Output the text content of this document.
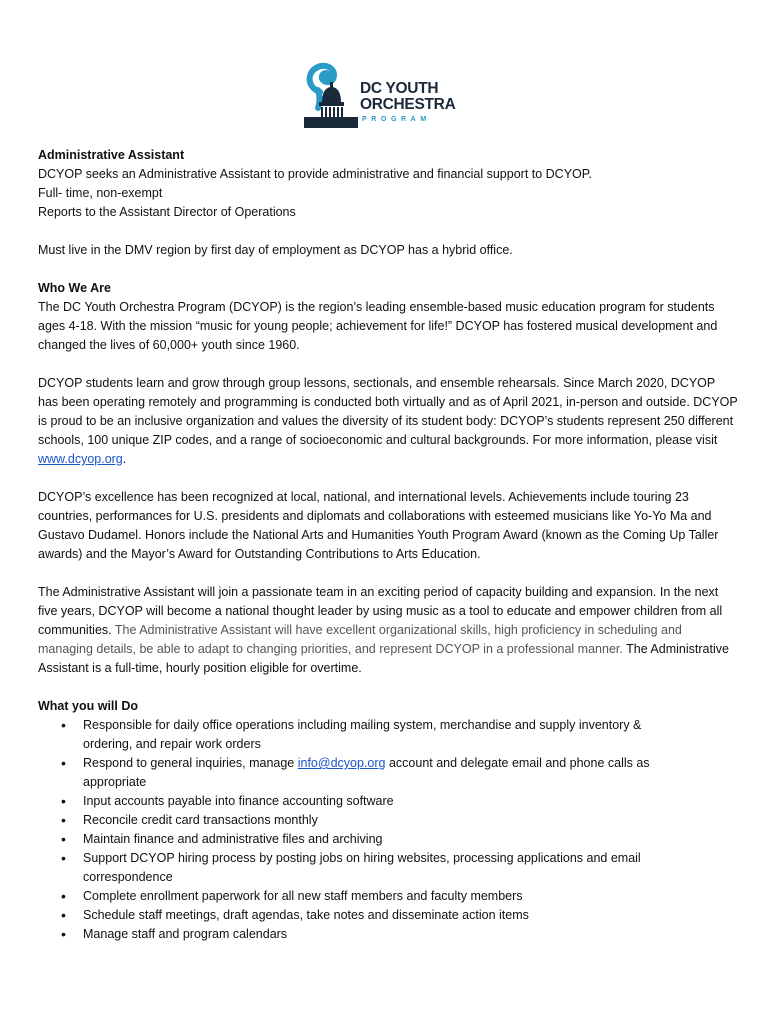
DC YOUTH
ORCHESTRA
PROGRAM

Administrative Assistant

DCYOP seeks an Administrative Assistant to provide administrative and financial support to DCYOP.

Full- time, non-exempt

Reports to the Assistant Director of Operations

Must live in the DMV region by first day of employment as DCYOP has a hybrid office.

Who We Are

The DC Youth Orchestra Program (DCYOP) is the region’s leading ensemble-based music education program for students ages 4-18. With the mission “music for young people; achievement for life!” DCYOP has fostered musical development and changed the lives of 60,000+ youth since 1960.

DCYOP students learn and grow through group lessons, sectionals, and ensemble rehearsals. Since March 2020, DCYOP has been operating remotely and programming is conducted both virtually and as of April 2021, in-person and outside. DCYOP is proud to be an inclusive organization and values the diversity of its student body: DCYOP’s students represent 250 different schools, 100 unique ZIP codes, and a range of socioeconomic and cultural backgrounds. For more information, please visit www.dcyop.org.

DCYOP’s excellence has been recognized at local, national, and international levels. Achievements include touring 23 countries, performances for U.S. presidents and diplomats and collaborations with esteemed musicians like Yo-Yo Ma and Gustavo Dudamel. Honors include the National Arts and Humanities Youth Program Award (known as the Coming Up Taller awards) and the Mayor’s Award for Outstanding Contributions to Arts Education.

The Administrative Assistant will join a passionate team in an exciting period of capacity building and expansion. In the next five years, DCYOP will become a national thought leader by using music as a tool to educate and empower children from all communities. The Administrative Assistant will have excellent organizational skills, high proficiency in scheduling and managing details, be able to adapt to changing priorities, and represent DCYOP in a professional manner. The Administrative Assistant is a full-time, hourly position eligible for overtime.

What you will Do

• Responsible for daily office operations including mailing system, merchandise and supply inventory & ordering, and repair work orders
• Respond to general inquiries, manage info@dcyop.org account and delegate email and phone calls as appropriate
• Input accounts payable into finance accounting software
• Reconcile credit card transactions monthly
• Maintain finance and administrative files and archiving
• Support DCYOP hiring process by posting jobs on hiring websites, processing applications and email correspondence
• Complete enrollment paperwork for all new staff members and faculty members
• Schedule staff meetings, draft agendas, take notes and disseminate action items
• Manage staff and program calendars
